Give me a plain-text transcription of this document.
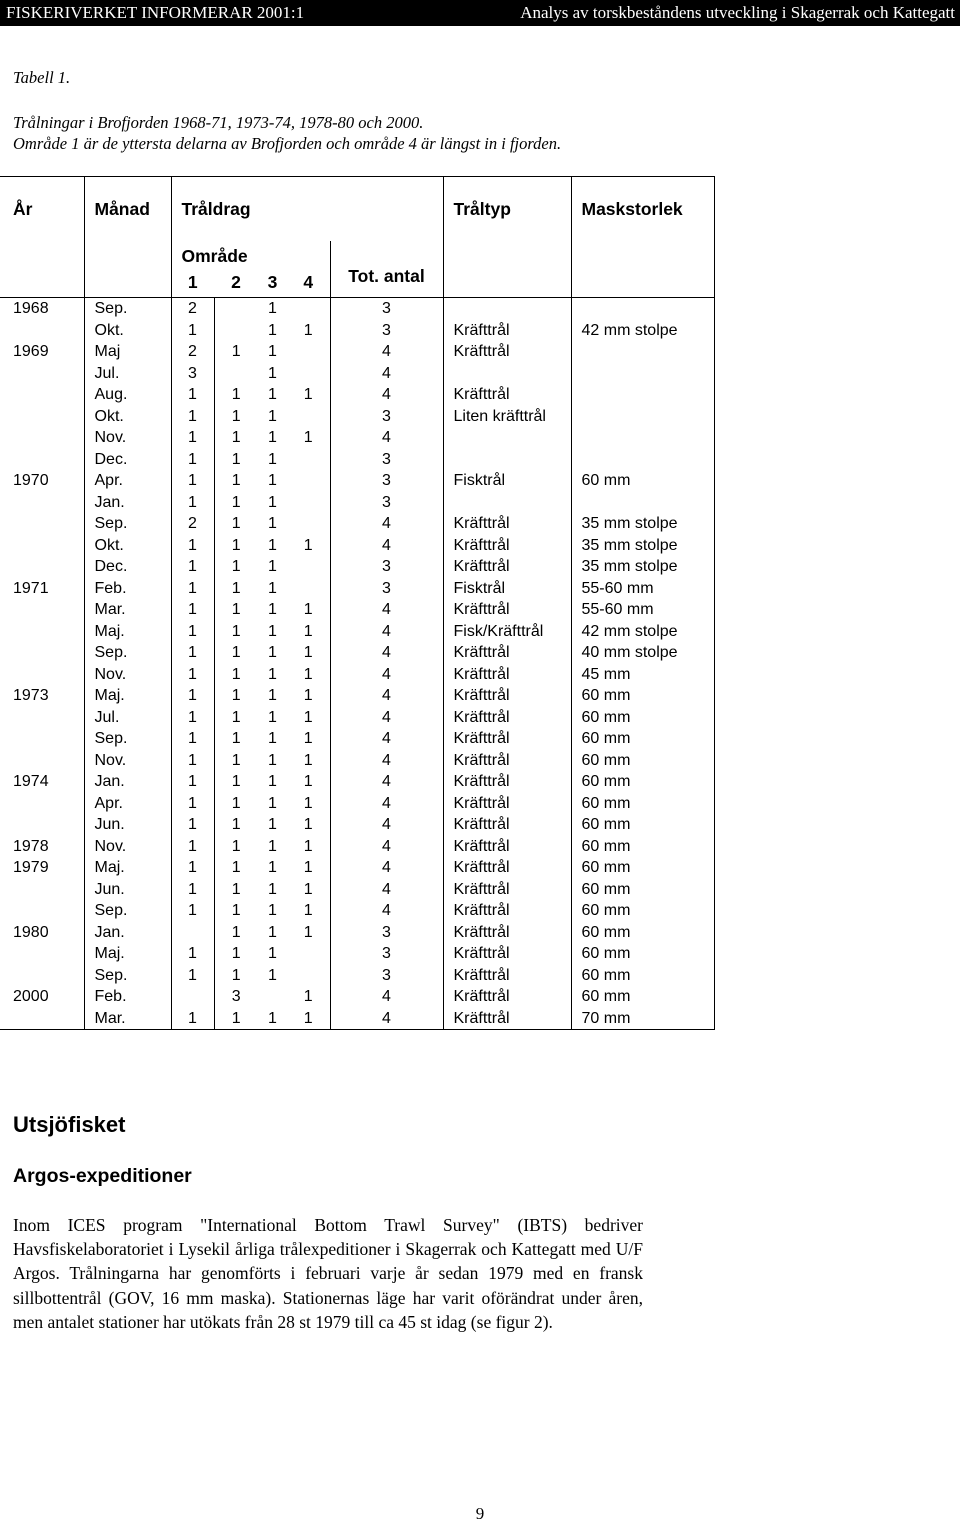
FISKERIVERKET INFORMERAR 2001:1	Analys av torskbeståndens utveckling i Skagerrak och Kattegatt
Tabell 1.
Trålningar i Brofjorden 1968-71, 1973-74, 1978-80 och 2000.
Område 1 är de yttersta delarna av Brofjorden och område 4 är längst in i fjorden.
År	Månad	Tråldrag					Tråltyp	Maskstorlek
		Område				Tot. antal		
		1	2	3	4			
1968	Sep.	2		1		3		
	Okt.	1		1	1	3	Kräfttrål	42 mm stolpe
1969	Maj	2	1	1		4	Kräfttrål	
	Jul.	3		1		4		
	Aug.	1	1	1	1	4	Kräfttrål	
	Okt.	1	1	1		3	Liten kräfttrål	
	Nov.	1	1	1	1	4		
	Dec.	1	1	1		3		
1970	Apr.	1	1	1		3	Fisktrål	60 mm
	Jan.	1	1	1		3		
	Sep.	2	1	1		4	Kräfttrål	35 mm stolpe
	Okt.	1	1	1	1	4	Kräfttrål	35 mm stolpe
	Dec.	1	1	1		3	Kräfttrål	35 mm stolpe
1971	Feb.	1	1	1		3	Fisktrål	55-60 mm
	Mar.	1	1	1	1	4	Kräfttrål	55-60 mm
	Maj.	1	1	1	1	4	Fisk/Kräfttrål	42 mm stolpe
	Sep.	1	1	1	1	4	Kräfttrål	40 mm stolpe
	Nov.	1	1	1	1	4	Kräfttrål	45 mm
1973	Maj.	1	1	1	1	4	Kräfttrål	60 mm
	Jul.	1	1	1	1	4	Kräfttrål	60 mm
	Sep.	1	1	1	1	4	Kräfttrål	60 mm
	Nov.	1	1	1	1	4	Kräfttrål	60 mm
1974	Jan.	1	1	1	1	4	Kräfttrål	60 mm
	Apr.	1	1	1	1	4	Kräfttrål	60 mm
	Jun.	1	1	1	1	4	Kräfttrål	60 mm
1978	Nov.	1	1	1	1	4	Kräfttrål	60 mm
1979	Maj.	1	1	1	1	4	Kräfttrål	60 mm
	Jun.	1	1	1	1	4	Kräfttrål	60 mm
	Sep.	1	1	1	1	4	Kräfttrål	60 mm
1980	Jan.		1	1	1	3	Kräfttrål	60 mm
	Maj.	1	1	1		3	Kräfttrål	60 mm
	Sep.	1	1	1		3	Kräfttrål	60 mm
2000	Feb.		3		1	4	Kräfttrål	60 mm
	Mar.	1	1	1	1	4	Kräfttrål	70 mm
Utsjöfisket
Argos-expeditioner
Inom ICES program "International Bottom Trawl Survey" (IBTS) bedriver Havsfiskelaboratoriet i Lysekil årliga trålexpeditioner i Skagerrak och Kattegatt med U/F Argos. Trålningarna har genomförts i februari varje år sedan 1979 med en fransk sillbottentrål (GOV, 16 mm maska). Stationernas läge har varit oförändrat under åren, men antalet stationer har utökats från 28 st 1979 till ca 45 st idag (se figur 2).
9
